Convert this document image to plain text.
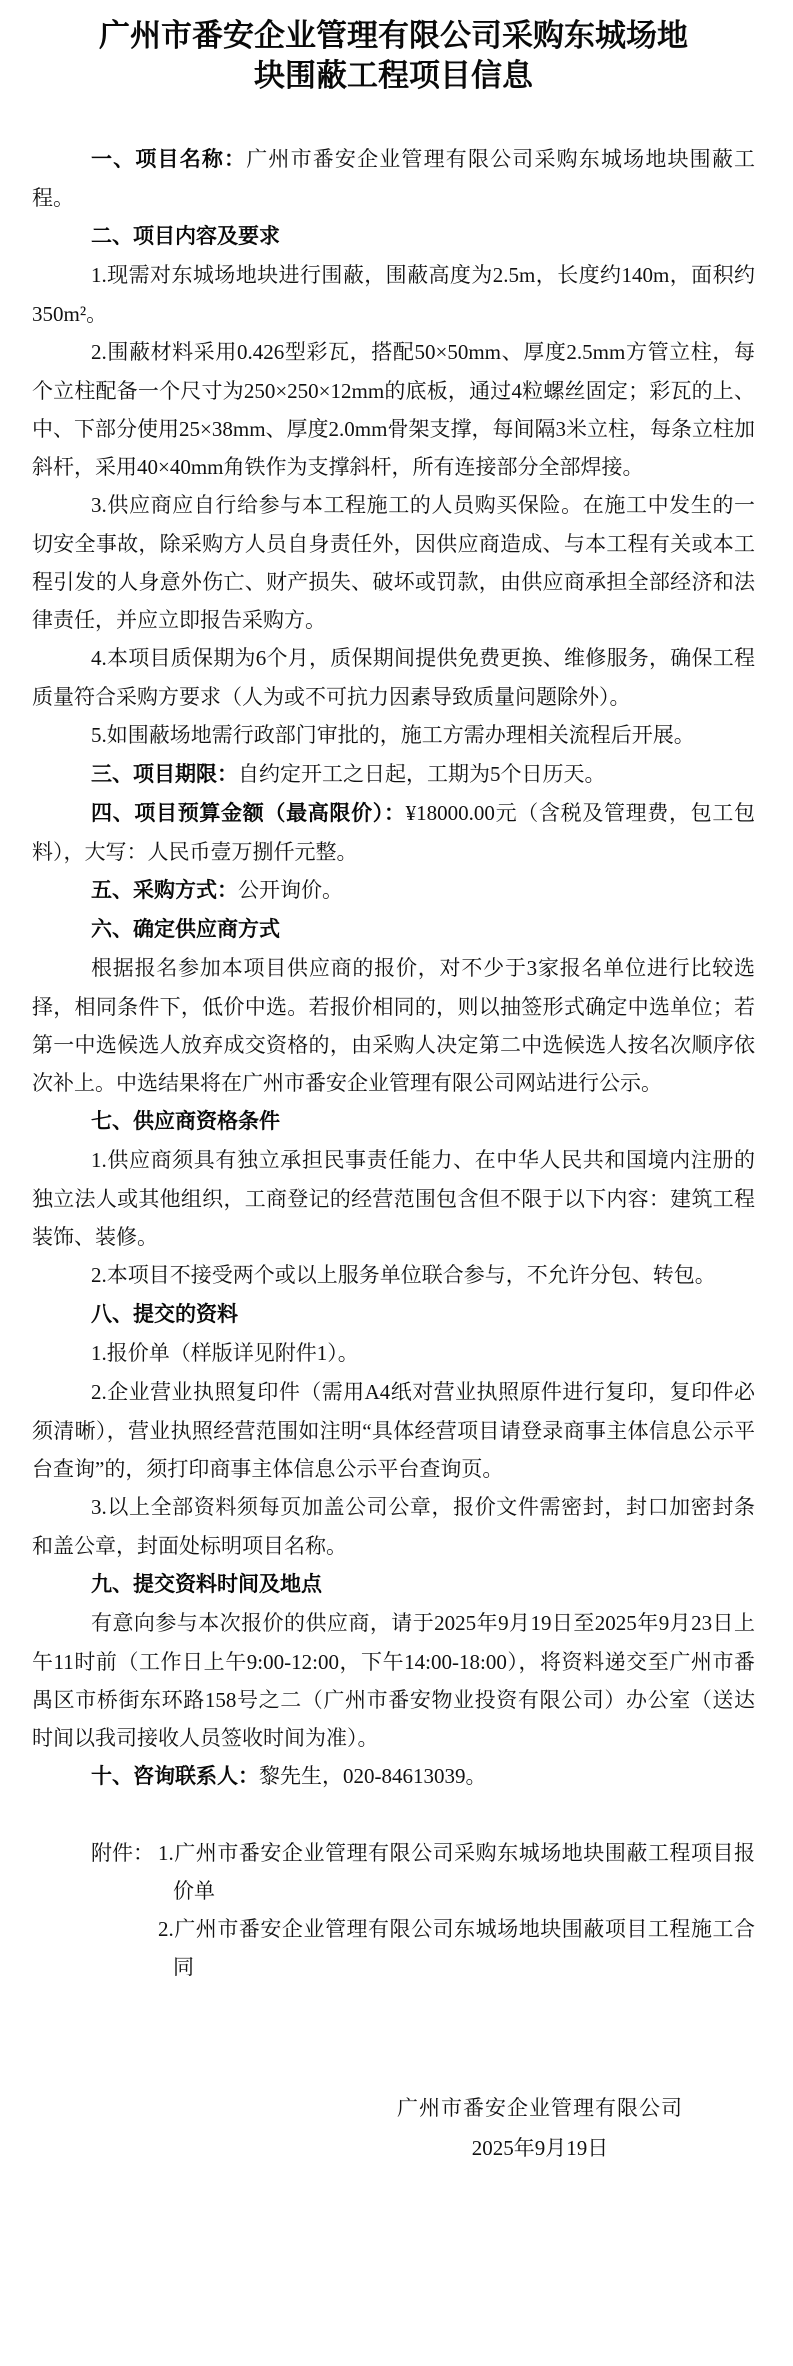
广州市番安企业管理有限公司采购东城场地块围蔽工程项目信息

一、项目名称：广州市番安企业管理有限公司采购东城场地块围蔽工程。

二、项目内容及要求

1.现需对东城场地块进行围蔽，围蔽高度为2.5m，长度约140m，面积约350m²。

2.围蔽材料采用0.426型彩瓦，搭配50×50mm、厚度2.5mm方管立柱，每个立柱配备一个尺寸为250×250×12mm的底板，通过4粒螺丝固定；彩瓦的上、中、下部分使用25×38mm、厚度2.0mm骨架支撑，每间隔3米立柱，每条立柱加斜杆，采用40×40mm角铁作为支撑斜杆，所有连接部分全部焊接。

3.供应商应自行给参与本工程施工的人员购买保险。在施工中发生的一切安全事故，除采购方人员自身责任外，因供应商造成、与本工程有关或本工程引发的人身意外伤亡、财产损失、破坏或罚款，由供应商承担全部经济和法律责任，并应立即报告采购方。

4.本项目质保期为6个月，质保期间提供免费更换、维修服务，确保工程质量符合采购方要求（人为或不可抗力因素导致质量问题除外）。

5.如围蔽场地需行政部门审批的，施工方需办理相关流程后开展。

三、项目期限：自约定开工之日起，工期为5个日历天。

四、项目预算金额（最高限价）：¥18000.00元（含税及管理费，包工包料），大写：人民币壹万捌仟元整。

五、采购方式：公开询价。

六、确定供应商方式

根据报名参加本项目供应商的报价，对不少于3家报名单位进行比较选择，相同条件下，低价中选。若报价相同的，则以抽签形式确定中选单位；若第一中选候选人放弃成交资格的，由采购人决定第二中选候选人按名次顺序依次补上。中选结果将在广州市番安企业管理有限公司网站进行公示。

七、供应商资格条件

1.供应商须具有独立承担民事责任能力、在中华人民共和国境内注册的独立法人或其他组织，工商登记的经营范围包含但不限于以下内容：建筑工程装饰、装修。

2.本项目不接受两个或以上服务单位联合参与，不允许分包、转包。

八、提交的资料

1.报价单（样版详见附件1）。

2.企业营业执照复印件（需用A4纸对营业执照原件进行复印，复印件必须清晰），营业执照经营范围如注明“具体经营项目请登录商事主体信息公示平台查询”的，须打印商事主体信息公示平台查询页。

3.以上全部资料须每页加盖公司公章，报价文件需密封，封口加密封条和盖公章，封面处标明项目名称。

九、提交资料时间及地点

有意向参与本次报价的供应商，请于2025年9月19日至2025年9月23日上午11时前（工作日上午9:00-12:00，下午14:00-18:00），将资料递交至广州市番禺区市桥街东环路158号之二（广州市番安物业投资有限公司）办公室（送达时间以我司接收人员签收时间为准）。

十、咨询联系人：黎先生，020-84613039。

附件： 1.广州市番安企业管理有限公司采购东城场地块围蔽工程项目报价单
2.广州市番安企业管理有限公司东城场地块围蔽项目工程施工合同
广州市番安企业管理有限公司
2025年9月19日
